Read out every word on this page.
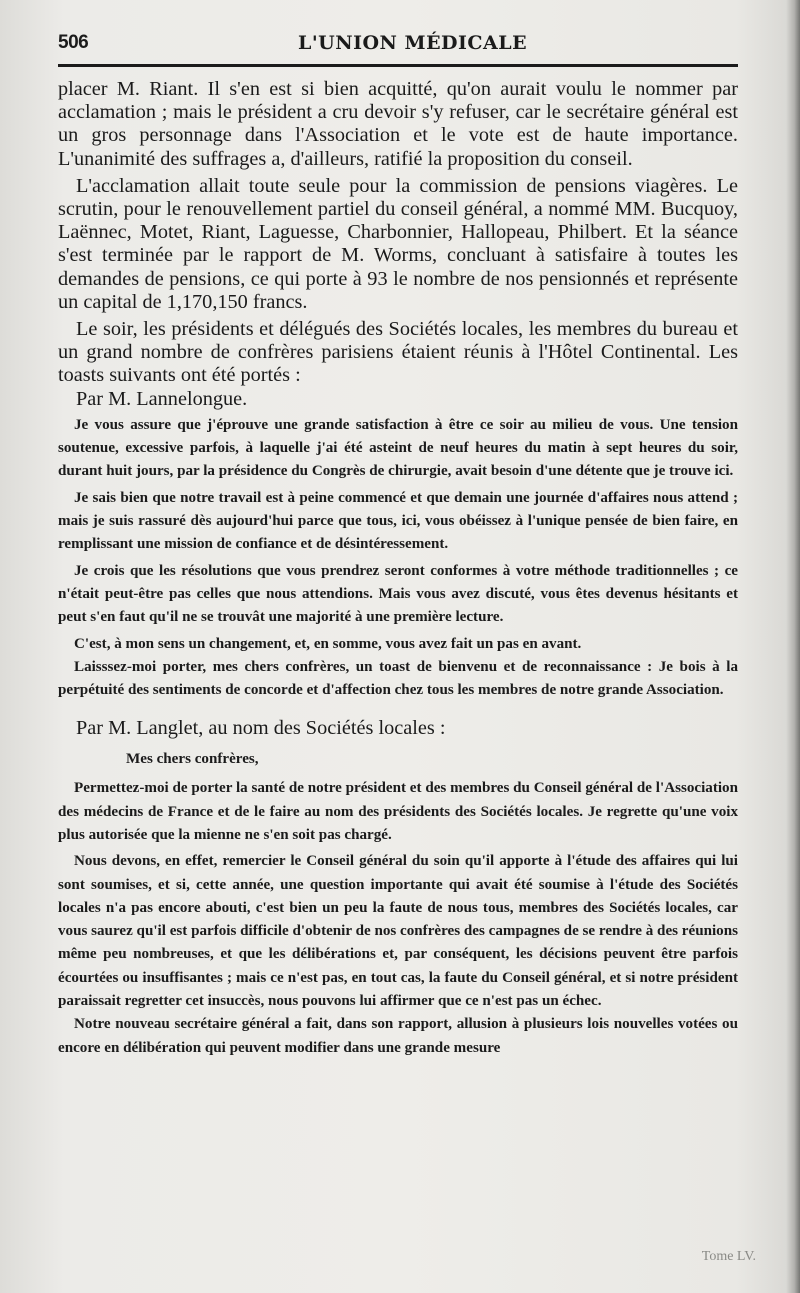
506	L'UNION MÉDICALE

placer M. Riant. Il s'en est si bien acquitté, qu'on aurait voulu le nommer par acclamation ; mais le président a cru devoir s'y refuser, car le secrétaire général est un gros personnage dans l'Association et le vote est de haute importance. L'unanimité des suffrages a, d'ailleurs, ratifié la proposition du conseil.

L'acclamation allait toute seule pour la commission de pensions viagères. Le scrutin, pour le renouvellement partiel du conseil général, a nommé MM. Bucquoy, Laënnec, Motet, Riant, Laguesse, Charbonnier, Hallopeau, Philbert. Et la séance s'est terminée par le rapport de M. Worms, concluant à satisfaire à toutes les demandes de pensions, ce qui porte à 93 le nombre de nos pensionnés et représente un capital de 1,170,150 francs.

Le soir, les présidents et délégués des Sociétés locales, les membres du bureau et un grand nombre de confrères parisiens étaient réunis à l'Hôtel Continental. Les toasts suivants ont été portés :

Par M. Lannelongue.

Je vous assure que j'éprouve une grande satisfaction à être ce soir au milieu de vous. Une tension soutenue, excessive parfois, à laquelle j'ai été asteint de neuf heures du matin à sept heures du soir, durant huit jours, par la présidence du Congrès de chirurgie, avait besoin d'une détente que je trouve ici.

Je sais bien que notre travail est à peine commencé et que demain une journée d'affaires nous attend ; mais je suis rassuré dès aujourd'hui parce que tous, ici, vous obéissez à l'unique pensée de bien faire, en remplissant une mission de confiance et de désintéressement.

Je crois que les résolutions que vous prendrez seront conformes à votre méthode traditionnelles ; ce n'était peut-être pas celles que nous attendions. Mais vous avez discuté, vous êtes devenus hésitants et peut s'en faut qu'il ne se trouvât une majorité à une première lecture.

C'est, à mon sens un changement, et, en somme, vous avez fait un pas en avant.

Laisssez-moi porter, mes chers confrères, un toast de bienvenu et de reconnaissance : Je bois à la perpétuité des sentiments de concorde et d'affection chez tous les membres de notre grande Association.

Par M. Langlet, au nom des Sociétés locales :

Mes chers confrères,

Permettez-moi de porter la santé de notre président et des membres du Conseil général de l'Association des médecins de France et de le faire au nom des présidents des Sociétés locales. Je regrette qu'une voix plus autorisée que la mienne ne s'en soit pas chargé.

Nous devons, en effet, remercier le Conseil général du soin qu'il apporte à l'étude des affaires qui lui sont soumises, et si, cette année, une question importante qui avait été soumise à l'étude des Sociétés locales n'a pas encore abouti, c'est bien un peu la faute de nous tous, membres des Sociétés locales, car vous saurez qu'il est parfois difficile d'obtenir de nos confrères des campagnes de se rendre à des réunions même peu nombreuses, et que les délibérations et, par conséquent, les décisions peuvent être parfois écourtées ou insuffisantes ; mais ce n'est pas, en tout cas, la faute du Conseil général, et si notre président paraissait regretter cet insuccès, nous pouvons lui affirmer que ce n'est pas un échec.

Notre nouveau secrétaire général a fait, dans son rapport, allusion à plusieurs lois nouvelles votées ou encore en délibération qui peuvent modifier dans une grande mesure

Tome LV.
